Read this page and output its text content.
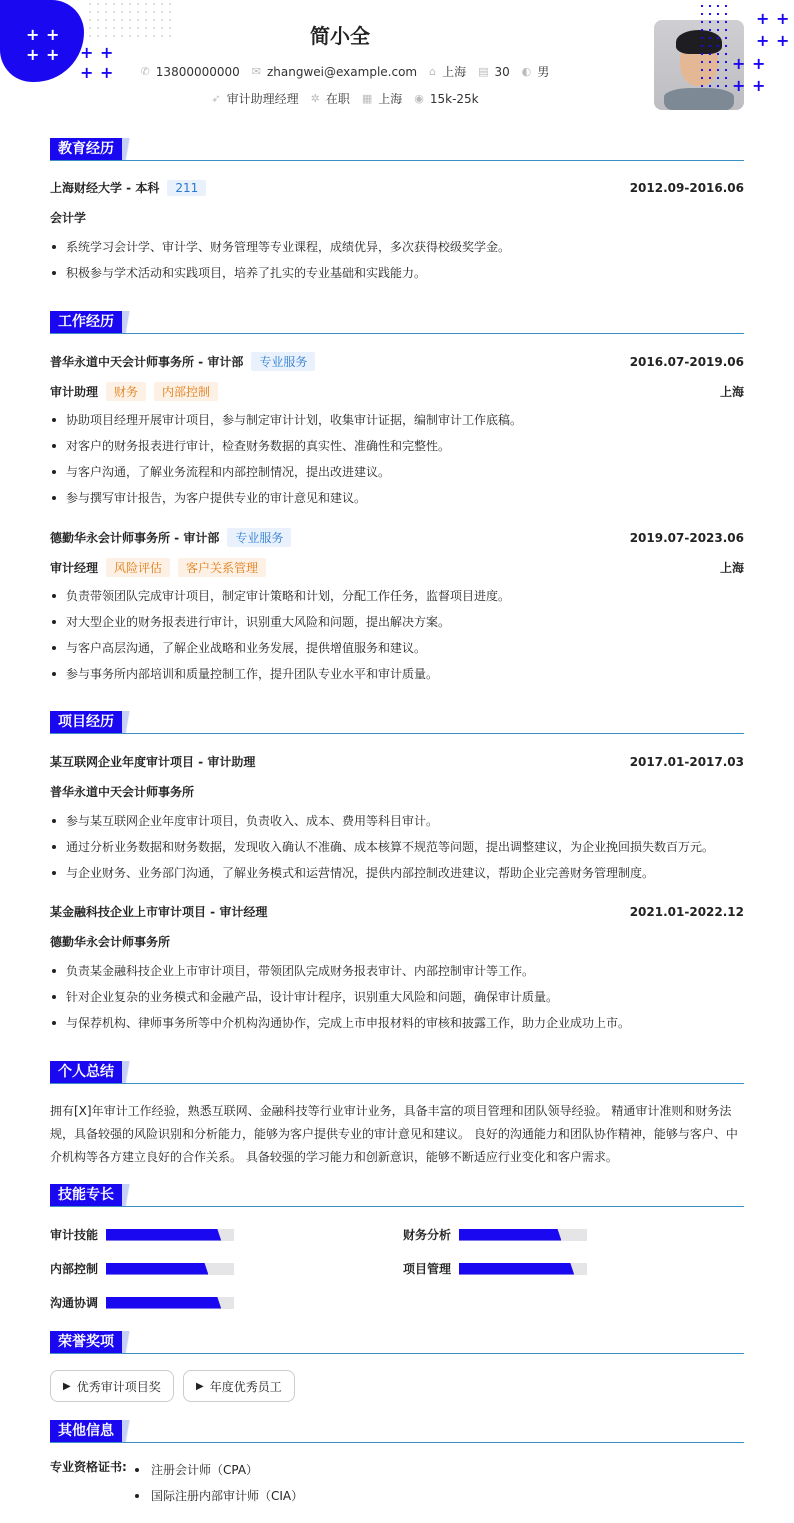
+ +
+ + + +
+ +
简小全
✆ 13800000000 ✉ zhangwei@example.com ⌂ 上海 ▤ 30 ◐ 男
➶ 审计助理经理 ✲ 在职 ▦ 上海 ◉ 15k-25k
+ +
+ +
+ +
+ +
教育经历
上海财经大学 - 本科	211	2012.09-2016.06
会计学
系统学习会计学、审计学、财务管理等专业课程，成绩优异，多次获得校级奖学金。
积极参与学术活动和实践项目，培养了扎实的专业基础和实践能力。
工作经历
普华永道中天会计师事务所 - 审计部	专业服务	2016.07-2019.06
审计助理	财务	内部控制	上海
协助项目经理开展审计项目，参与制定审计计划，收集审计证据，编制审计工作底稿。
对客户的财务报表进行审计，检查财务数据的真实性、准确性和完整性。
与客户沟通，了解业务流程和内部控制情况，提出改进建议。
参与撰写审计报告，为客户提供专业的审计意见和建议。
德勤华永会计师事务所 - 审计部	专业服务	2019.07-2023.06
审计经理	风险评估	客户关系管理	上海
负责带领团队完成审计项目，制定审计策略和计划，分配工作任务，监督项目进度。
对大型企业的财务报表进行审计，识别重大风险和问题，提出解决方案。
与客户高层沟通，了解企业战略和业务发展，提供增值服务和建议。
参与事务所内部培训和质量控制工作，提升团队专业水平和审计质量。
项目经历
某互联网企业年度审计项目 - 审计助理	2017.01-2017.03
普华永道中天会计师事务所
参与某互联网企业年度审计项目，负责收入、成本、费用等科目审计。
通过分析业务数据和财务数据，发现收入确认不准确、成本核算不规范等问题，提出调整建议，为企业挽回损失数百万元。
与企业财务、业务部门沟通，了解业务模式和运营情况，提供内部控制改进建议，帮助企业完善财务管理制度。
某金融科技企业上市审计项目 - 审计经理	2021.01-2022.12
德勤华永会计师事务所
负责某金融科技企业上市审计项目，带领团队完成财务报表审计、内部控制审计等工作。
针对企业复杂的业务模式和金融产品，设计审计程序，识别重大风险和问题，确保审计质量。
与保荐机构、律师事务所等中介机构沟通协作，完成上市申报材料的审核和披露工作，助力企业成功上市。
个人总结
拥有[X]年审计工作经验，熟悉互联网、金融科技等行业审计业务，具备丰富的项目管理和团队领导经验。 精通审计准则和财务法规，具备较强的风险识别和分析能力，能够为客户提供专业的审计意见和建议。 良好的沟通能力和团队协作精神，能够与客户、中介机构等各方建立良好的合作关系。 具备较强的学习能力和创新意识，能够不断适应行业变化和客户需求。
技能专长
审计技能	财务分析
内部控制	项目管理
沟通协调
荣誉奖项
▶ 优秀审计项目奖	▶ 年度优秀员工
其他信息
专业资格证书:	注册会计师（CPA）
国际注册内部审计师（CIA）
